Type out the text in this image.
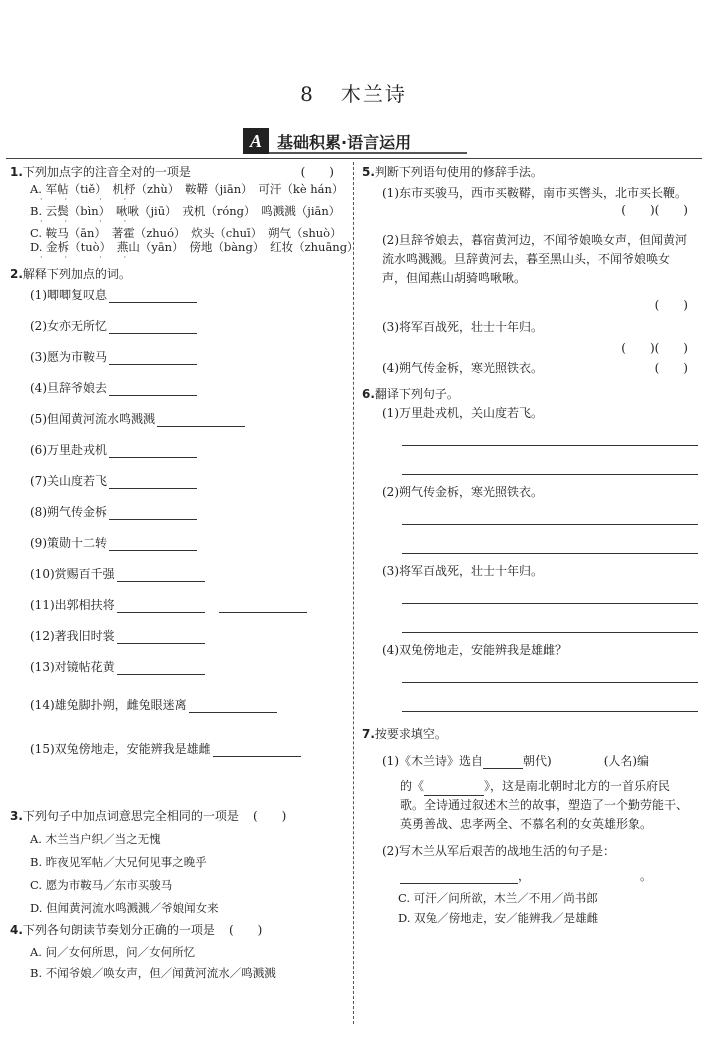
8 木兰诗
A 基础积累·语言运用
1.下列加点字的注音全对的一项是	(　　)
A. 军帖（tiě）　机杼（zhù）　鞍鞯（jiān）　可汗（kè hán）
·　　·　　　·　　·
B. 云鬓（bìn）　啾啾（jiū）　戎机（róng）　鸣溅溅（jiān）
·　　·　　　·　　·
C. 鞍马（ān）　著霍（zhuó）　炊头（chuī）　朔气（shuò）
D. 金柝（tuò）　燕山（yān）　傍地（bàng）　红妆（zhuāng）
·　　·　　　·　　·
2.解释下列加点的词。
(1)唧唧复叹息
(2)女亦无所忆
(3)愿为市鞍马
(4)旦辞爷娘去
(5)但闻黄河流水鸣溅溅
(6)万里赴戎机
(7)关山度若飞
(8)朔气传金柝
(9)策勋十二转
(10)赏赐百千强
(11)出郭相扶将
(12)著我旧时裳
(13)对镜帖花黄
(14)雄兔脚扑朔，雌兔眼迷离
(15)双兔傍地走，安能辨我是雄雌
3.下列句子中加点词意思完全相同的一项是 (　　)
A. 木兰当户织／当之无愧
B. 昨夜见军帖／大兄何见事之晚乎
C. 愿为市鞍马／东市买骏马
D. 但闻黄河流水鸣溅溅／爷娘闻女来
4.下列各句朗读节奏划分正确的一项是 (　　)
A. 问／女何所思，问／女何所忆
B. 不闻爷娘／唤女声，但／闻黄河流水／鸣溅溅
5.判断下列语句使用的修辞手法。
(1)东市买骏马，西市买鞍鞯，南市买辔头，北市买长鞭。
(　　)(　　)
(2)旦辞爷娘去，暮宿黄河边，不闻爷娘唤女声，但闻黄河流水鸣溅溅。旦辞黄河去，暮至黑山头，不闻爷娘唤女声，但闻燕山胡骑鸣啾啾。
(　　)
(3)将军百战死，壮士十年归。
(　　)(　　)
(4)朔气传金柝，寒光照铁衣。	(　　)
6.翻译下列句子。
(1)万里赴戎机，关山度若飞。
(2)朔气传金柝，寒光照铁衣。
(3)将军百战死，壮士十年归。
(4)双兔傍地走，安能辨我是雄雌？
7.按要求填空。
(1)《木兰诗》选自	朝代)	(人名)编
的《	》，这是南北朝时北方的一首乐府民歌。全诗通过叙述木兰的故事，塑造了一个勤劳能干、英勇善战、忠孝两全、不慕名利的女英雄形象。
(2)写木兰从军后艰苦的战地生活的句子是：
，	。
C. 可汗／问所欲，木兰／不用／尚书郎
D. 双兔／傍地走，安／能辨我／是雄雌
